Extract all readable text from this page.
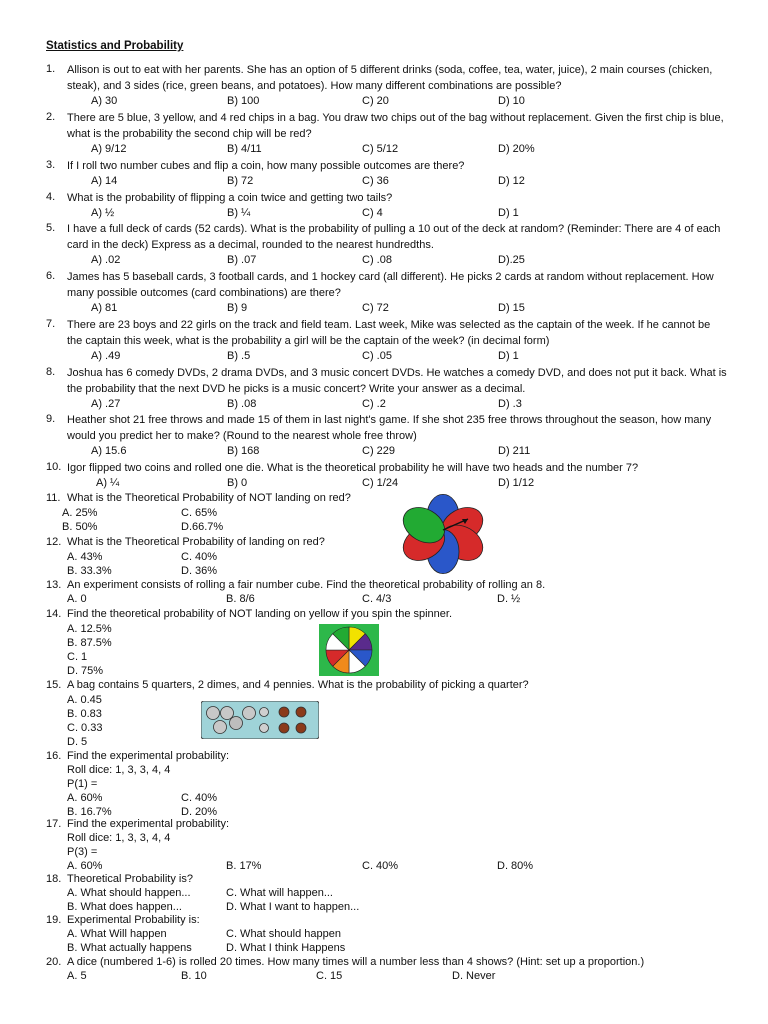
Statistics and Probability
1.	Allison is out to eat with her parents. She has an option of 5 different drinks (soda, coffee, tea, water, juice), 2 main courses (chicken, steak), and 3 sides (rice, green beans, and potatoes). How many different combinations are possible?
A) 30	B) 100	C) 20	D) 10
2.	There are 5 blue, 3 yellow, and 4 red chips in a bag. You draw two chips out of the bag without replacement. Given the first chip is blue, what is the probability the second chip will be red?
A) 9/12	B) 4/11	C) 5/12	D) 20%
3.	If I roll two number cubes and flip a coin, how many possible outcomes are there?
A) 14	B) 72	C) 36	D) 12
4.	What is the probability of flipping a coin twice and getting two tails?
A) ½	B) ¼	C) 4	D) 1
5.	I have a full deck of cards (52 cards). What is the probability of pulling a 10 out of the deck at random? (Reminder: There are 4 of each card in the deck) Express as a decimal, rounded to the nearest hundredths.
A) .02	B) .07	C) .08	D).25
6.	James has 5 baseball cards, 3 football cards, and 1 hockey card (all different). He picks 2 cards at random without replacement. How many possible outcomes (card combinations) are there?
A) 81	B) 9	C) 72	D) 15
7.	There are 23 boys and 22 girls on the track and field team. Last week, Mike was selected as the captain of the week. If he cannot be the captain this week, what is the probability a girl will be the captain of the week? (in decimal form)
A) .49	B) .5	C) .05	D) 1
8.	Joshua has 6 comedy DVDs, 2 drama DVDs, and 3 music concert DVDs. He watches a comedy DVD, and does not put it back. What is the probability that the next DVD he picks is a music concert? Write your answer as a decimal.
A) .27	B) .08	C) .2	D) .3
9.	Heather shot 21 free throws and made 15 of them in last night's game. If she shot 235 free throws throughout the season, how many would you predict her to make? (Round to the nearest whole free throw)
A) 15.6	B) 168	C) 229	D) 211
10. Igor flipped two coins and rolled one die. What is the theoretical probability he will have two heads and the number 7?
A) ¼	B) 0	C) 1/24	D) 1/12
11. What is the Theoretical Probability of NOT landing on red?
A. 25%	C. 65%
B. 50%	D.66.7%
12. What is the Theoretical Probability of landing on red?
A. 43%	C. 40%
B. 33.3%	D. 36%
13. An experiment consists of rolling a fair number cube. Find the theoretical probability of rolling an 8.
A. 0	B. 8/6	C. 4/3	D. ½
14. Find the theoretical probability of NOT landing on yellow if you spin the spinner.
A. 12.5%
B. 87.5%
C. 1
D. 75%
15. A bag contains 5 quarters, 2 dimes, and 4 pennies. What is the probability of picking a quarter?
A. 0.45
B. 0.83
C. 0.33
D. 5
16. Find the experimental probability:
Roll dice: 1, 3, 3, 4, 4
P(1) =
A. 60%	C. 40%
B. 16.7%	D. 20%
17. Find the experimental probability:
Roll dice: 1, 3, 3, 4, 4
P(3) =
A. 60%	B. 17%	C. 40%	D. 80%
18. Theoretical Probability is?
A. What should happen...	C. What will happen...
B. What does happen...	D. What I want to happen...
19. Experimental Probability is:
A. What Will happen	C. What should happen
B. What actually happens	D. What I think Happens
20. A dice (numbered 1-6) is rolled 20 times. How many times will a number less than 4 shows? (Hint: set up a proportion.)
A. 5	B. 10	C. 15	D. Never
